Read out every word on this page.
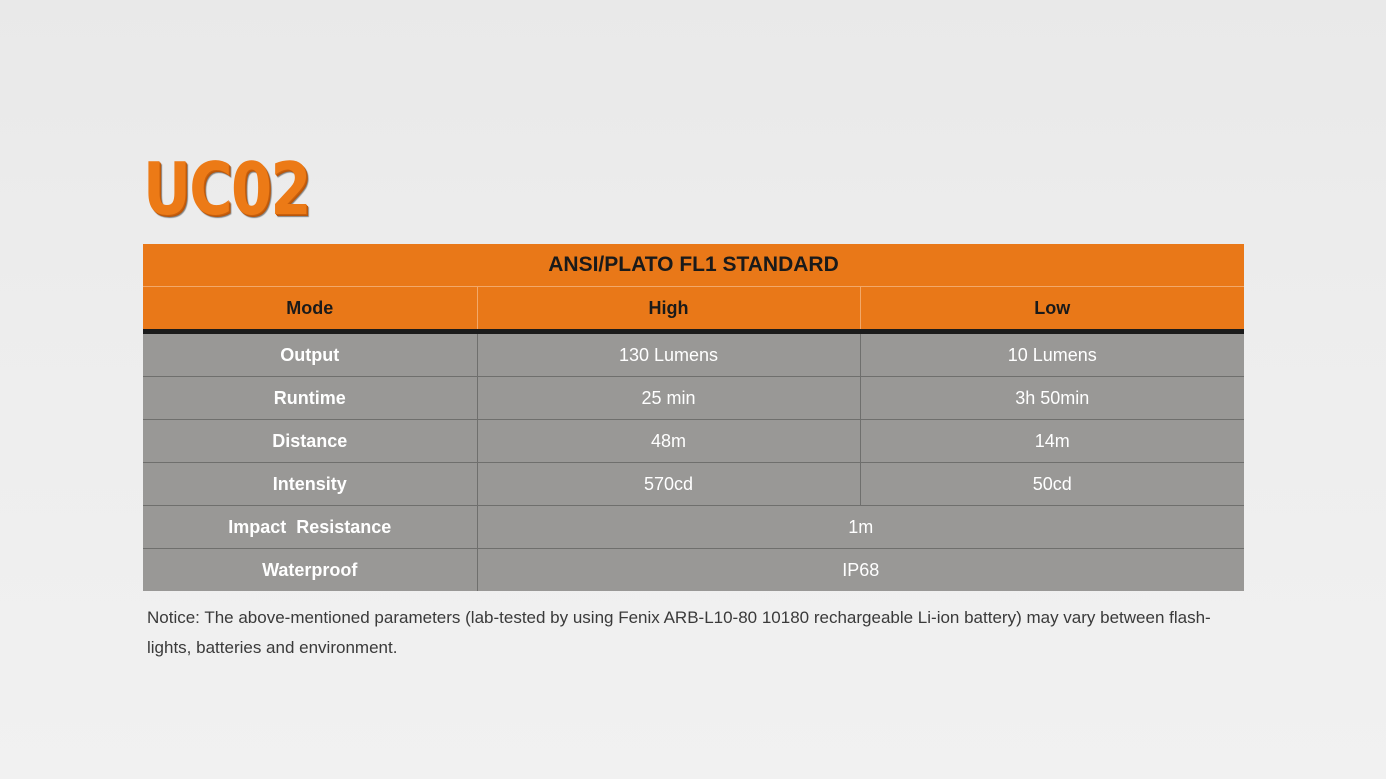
UC02
ANSI/PLATO FL1 STANDARD		
Mode	High	Low
Output	130 Lumens	10 Lumens
Runtime	25 min	3h 50min
Distance	48m	14m
Intensity	570cd	50cd
Impact  Resistance	1m	
Waterproof	IP68	

Notice: The above-mentioned parameters (lab-tested by using Fenix ARB-L10-80 10180 rechargeable Li-ion battery) may vary between flash-lights, batteries and environment.
